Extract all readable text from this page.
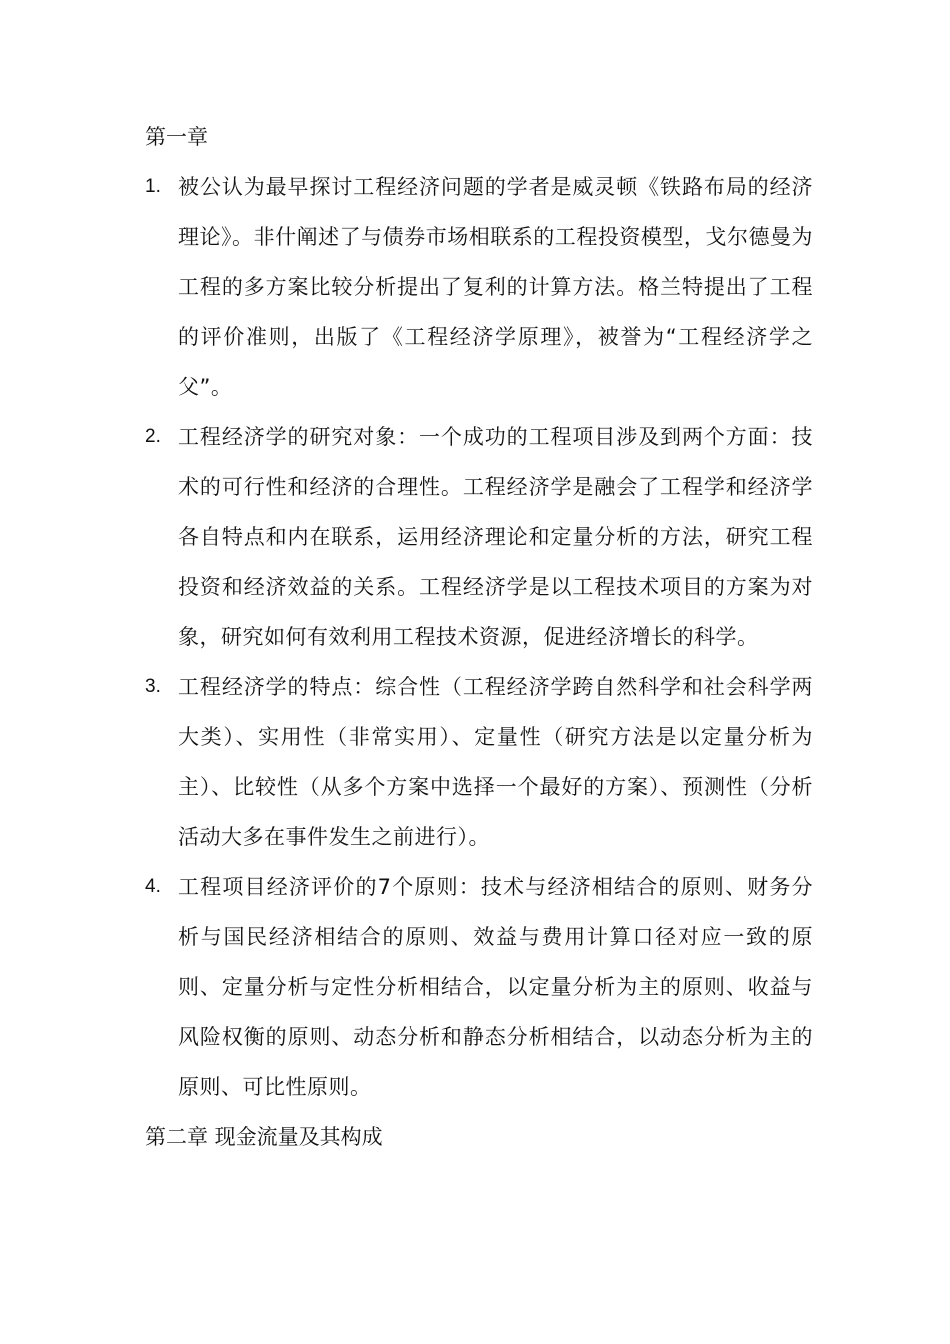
第一章
1. 被公认为最早探讨工程经济问题的学者是威灵顿《铁路布局的经济理论》。非什阐述了与债券市场相联系的工程投资模型，戈尔德曼为工程的多方案比较分析提出了复利的计算方法。格兰特提出了工程的评价准则，出版了《工程经济学原理》，被誉为“工程经济学之父”。
2. 工程经济学的研究对象：一个成功的工程项目涉及到两个方面：技术的可行性和经济的合理性。工程经济学是融会了工程学和经济学各自特点和内在联系，运用经济理论和定量分析的方法，研究工程投资和经济效益的关系。工程经济学是以工程技术项目的方案为对象，研究如何有效利用工程技术资源，促进经济增长的科学。
3. 工程经济学的特点：综合性（工程经济学跨自然科学和社会科学两大类）、实用性（非常实用）、定量性（研究方法是以定量分析为主）、比较性（从多个方案中选择一个最好的方案）、预测性（分析活动大多在事件发生之前进行）。
4. 工程项目经济评价的7个原则：技术与经济相结合的原则、财务分析与国民经济相结合的原则、效益与费用计算口径对应一致的原则、定量分析与定性分析相结合，以定量分析为主的原则、收益与风险权衡的原则、动态分析和静态分析相结合，以动态分析为主的原则、可比性原则。
第二章 现金流量及其构成
